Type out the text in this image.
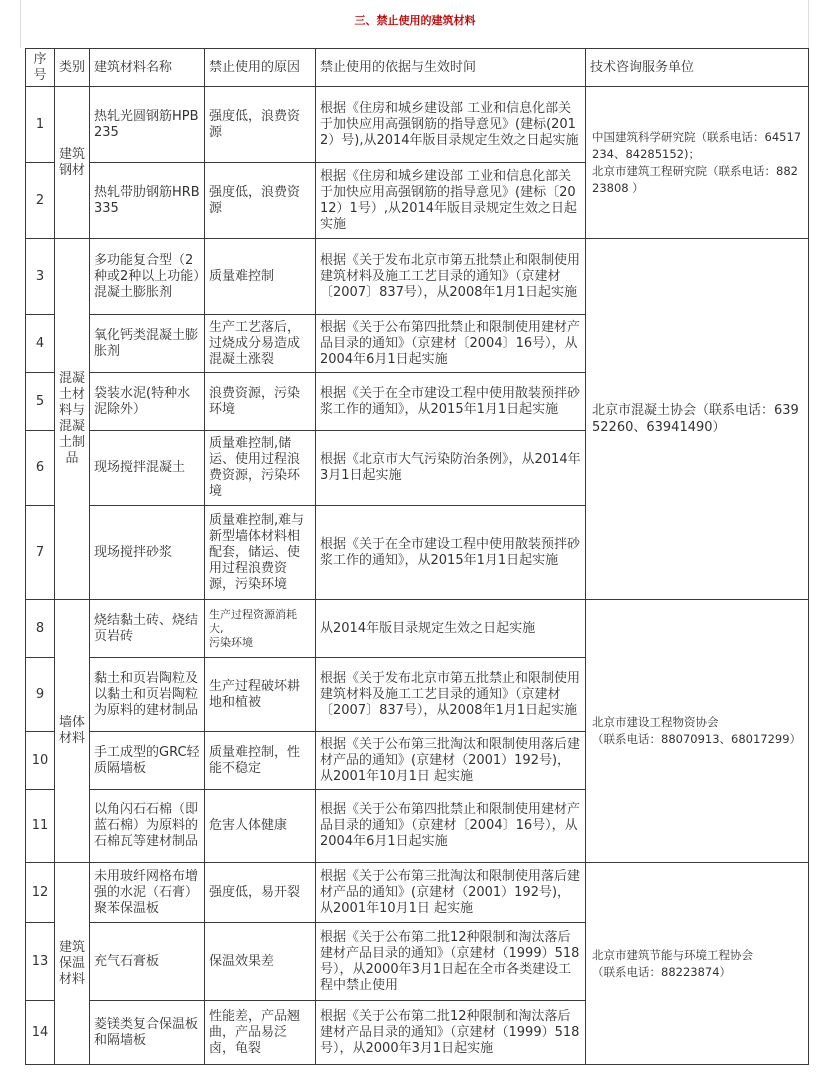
三、禁止使用的建筑材料
序号	类别	建筑材料名称	禁止使用的原因	禁止使用的依据与生效时间	技术咨询服务单位
1	建筑钢材	热轧光圆钢筋HPB235	强度低，浪费资源	根据《住房和城乡建设部 工业和信息化部关于加快应用高强钢筋的指导意见》(建标(2012）号),从2014年版目录规定生效之日起实施	中国建筑科学研究院（联系电话：64517234、84285152)；
北京市建筑工程研究院（联系电话：88223808 ）
2		热轧带肋钢筋HRB335	强度低，浪费资源	根据《住房和城乡建设部 工业和信息化部关于加快应用高强钢筋的指导意见》(建标〔2012）1号）,从2014年版目录规定生效之日起实施	
3	混凝土材料与混凝土制品	多功能复合型（2种或2种以上功能）混凝土膨胀剂	质量难控制	根据《关于发布北京市第五批禁止和限制使用建筑材料及施工工艺目录的通知》（京建材〔2007〕837号），从2008年1月1日起实施	北京市混凝土协会（联系电话：63952260、63941490）
4		氧化钙类混凝土膨胀剂	生产工艺落后，过烧成分易造成混凝土涨裂	根据《关于公布第四批禁止和限制使用建材产品目录的通知》（京建材〔2004〕16号），从2004年6月1日起实施	
5		袋装水泥(特种水泥除外）	浪费资源，污染环境	根据《关于在全市建设工程中使用散装预拌砂浆工作的通知》，从2015年1月1日起实施	
6		现场搅拌混凝土	质量难控制,储运、使用过程浪费资源，污染环境	根据《北京市大气污染防治条例》，从2014年3月1日起实施	
7		现场搅拌砂浆	质量难控制,难与新型墙体材料相配套，储运、使用过程浪费资源，污染环境	根据《关于在全市建设工程中使用散装预拌砂浆工作的通知》，从2015年1月1日起实施	
8	墙体材料	烧结黏土砖、烧结页岩砖	生产过程资源消耗大,
污染环境	从2014年版目录规定生效之日起实施	北京市建设工程物资协会
（联系电话：88070913、68017299）
9		黏土和页岩陶粒及以黏土和页岩陶粒为原料的建材制品	生产过程破坏耕地和植被	根据《关于发布北京市第五批禁止和限制使用建筑材料及施工工艺目录的通知》（京建材〔2007〕837号），从2008年1月1日起实施	
10		手工成型的GRC轻质隔墙板	质量难控制，性能不稳定	根据《关于公布第三批淘汰和限制使用落后建材产品的通知》(京建材（2001）192号)，从2001年10月1日 起实施	
11		以角闪石石棉（即蓝石棉）为原料的石棉瓦等建材制品	危害人体健康	根据《关于公布第四批禁止和限制使用建材产品目录的通知》（京建材〔2004〕16号），从2004年6月1日起实施	
12	建筑保温材料	未用玻纤网格布增强的水泥（石膏）聚苯保温板	强度低，易开裂	根据《关于公布第三批淘汰和限制使用落后建材产品的通知》(京建材（2001）192号)，从2001年10月1日 起实施	北京市建筑节能与环境工程协会
（联系电话：88223874）
13		充气石膏板	保温效果差	根据《关于公布第二批12种限制和淘汰落后建材产品目录的通知》（京建材（1999）518号），从2000年3月1日起在全市各类建设工程中禁止使用	
14		菱镁类复合保温板和隔墙板	性能差，产品翘曲，产品易泛卤，龟裂	根据《关于公布第二批12种限制和淘汰落后建材产品目录的通知》（京建材（1999）518号），从2000年3月1日起实施	
